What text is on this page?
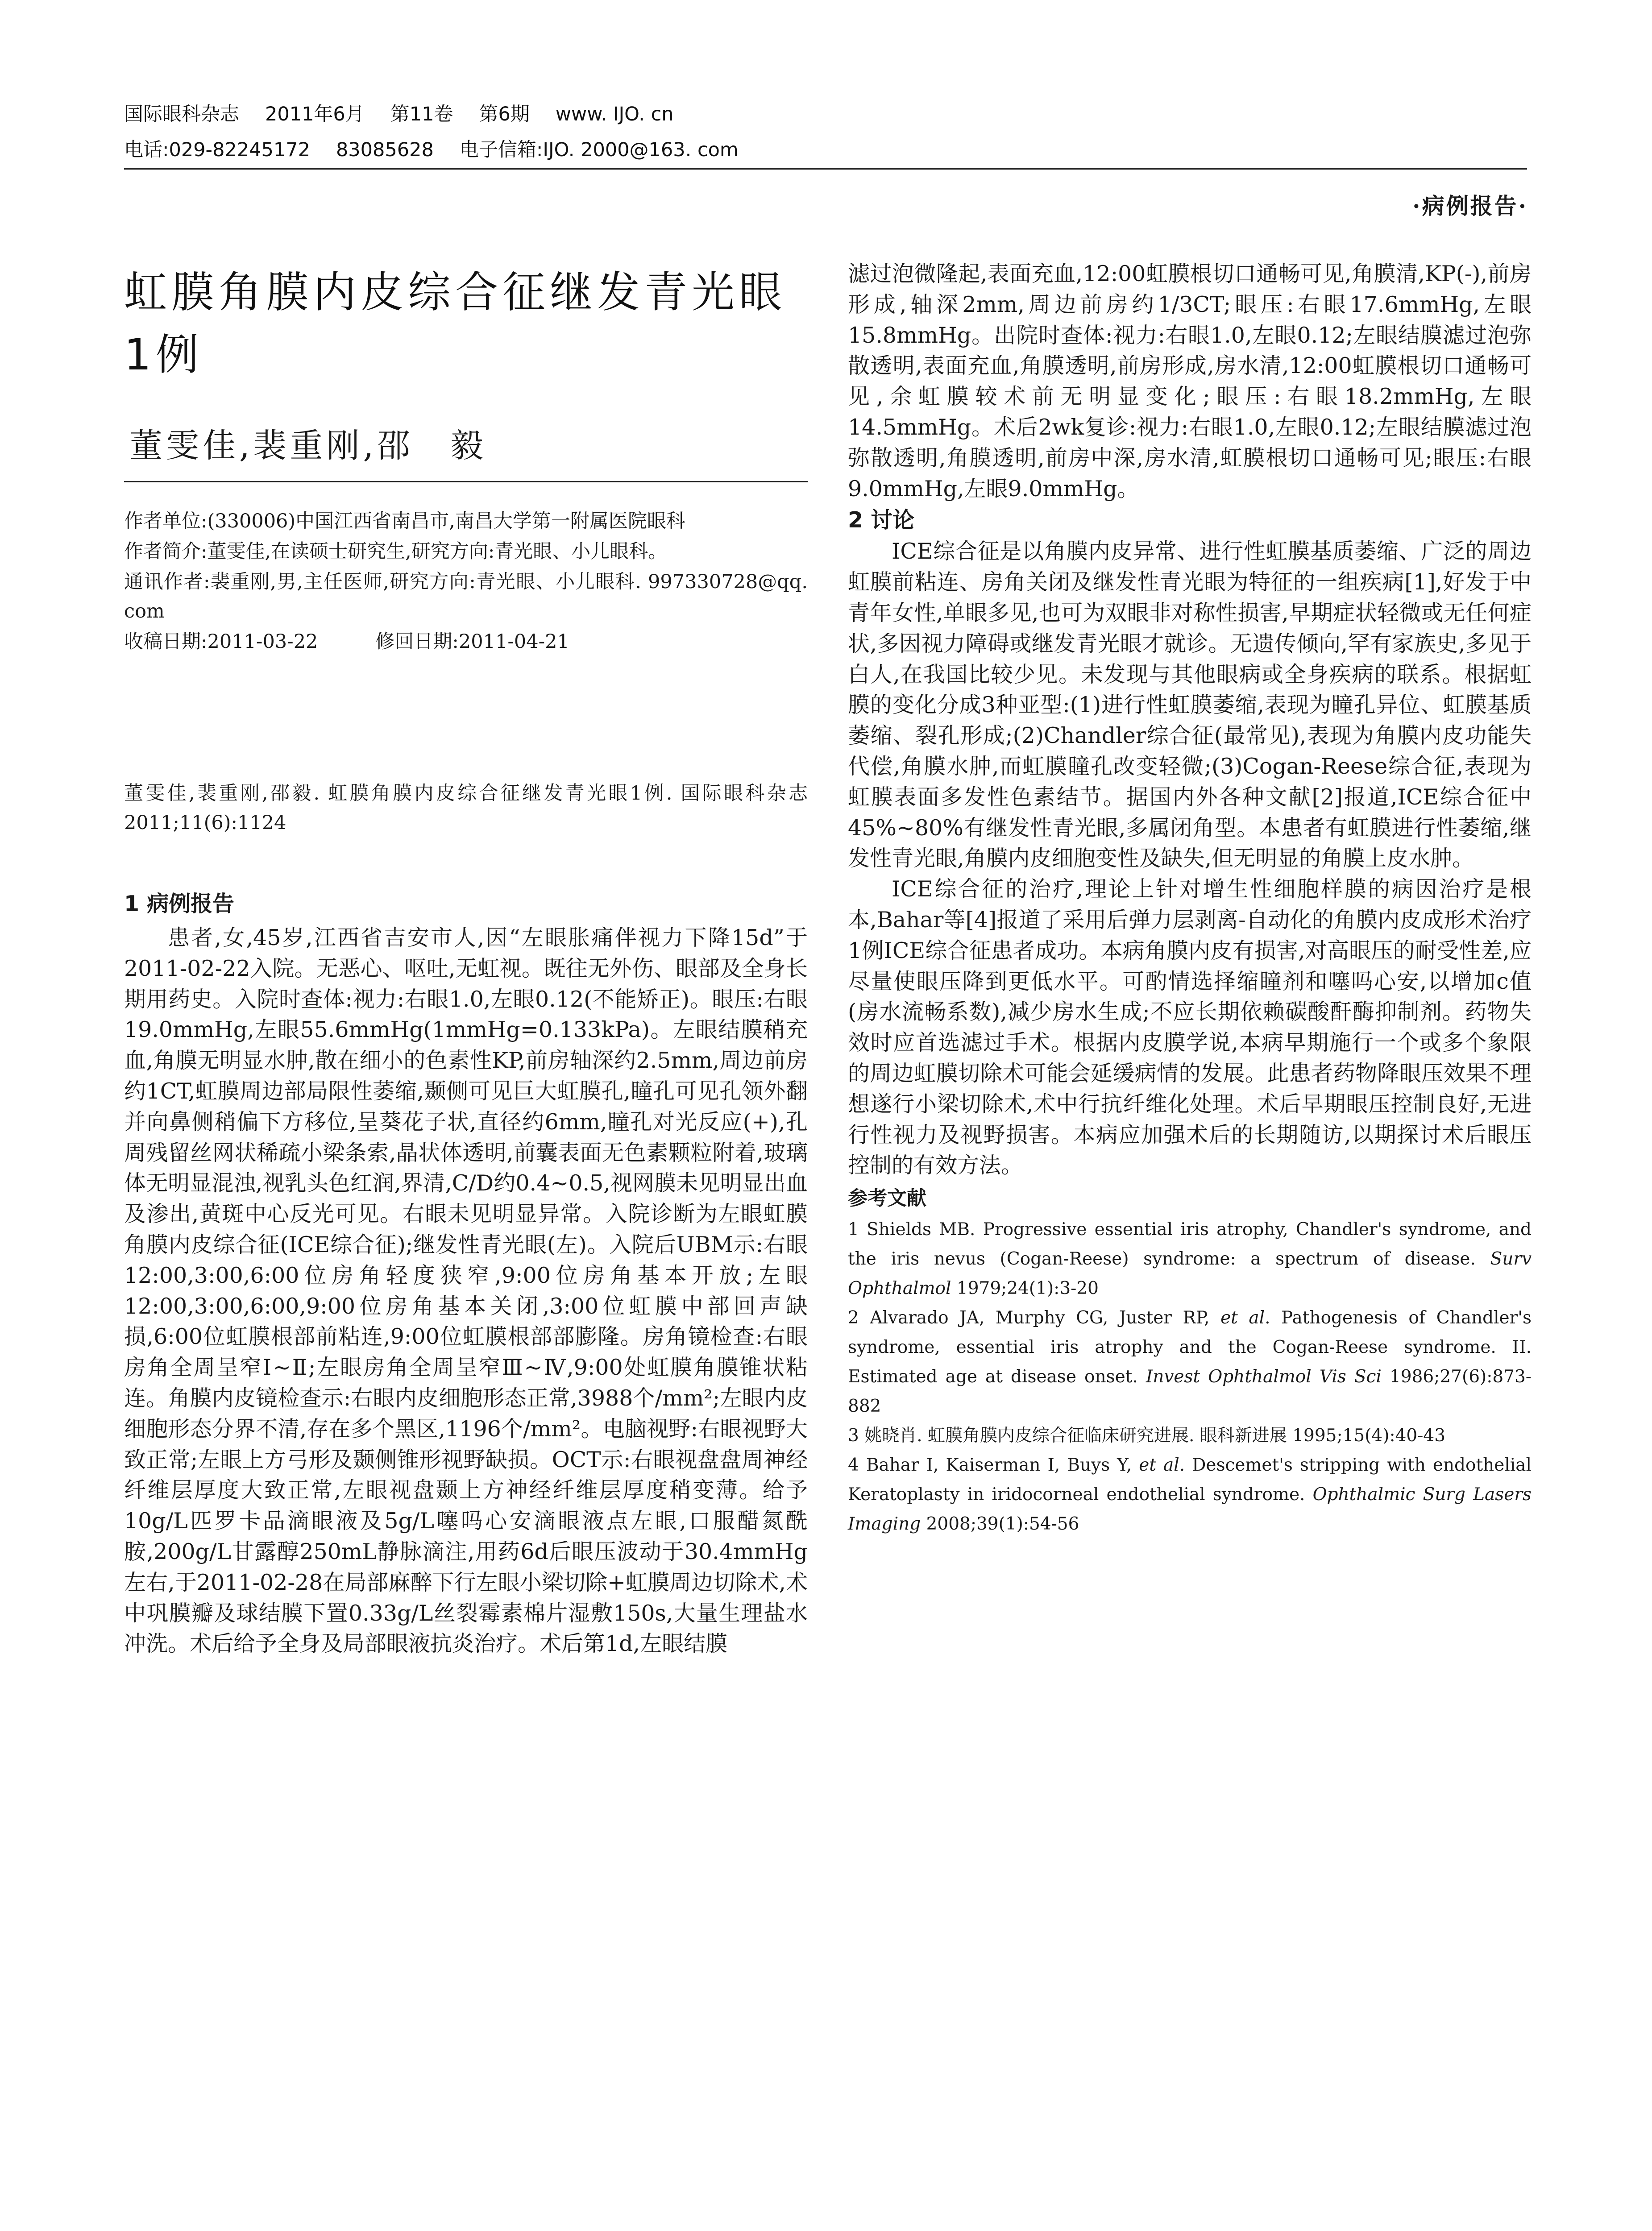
国际眼科杂志 2011年6月 第11卷 第6期 www. IJO. cn
电话:029-82245172 83085628 电子信箱:IJO. 2000@163. com
·病例报告·
虹膜角膜内皮综合征继发青光眼1例
董雯佳,裴重刚,邵　毅

作者单位:(330006)中国江西省南昌市,南昌大学第一附属医院眼科

作者简介:董雯佳,在读硕士研究生,研究方向:青光眼、小儿眼科。

通讯作者:裴重刚,男,主任医师,研究方向:青光眼、小儿眼科. 997330728@qq. com

收稿日期:2011-03-22　　　修回日期:2011-04-21

董雯佳,裴重刚,邵毅. 虹膜角膜内皮综合征继发青光眼1例. 国际眼科杂志 2011;11(6):1124

1 病例报告

患者,女,45岁,江西省吉安市人,因“左眼胀痛伴视力下降15d”于2011-02-22入院。无恶心、呕吐,无虹视。既往无外伤、眼部及全身长期用药史。入院时查体:视力:右眼1.0,左眼0.12(不能矫正)。眼压:右眼19.0mmHg,左眼55.6mmHg(1mmHg=0.133kPa)。左眼结膜稍充血,角膜无明显水肿,散在细小的色素性KP,前房轴深约2.5mm,周边前房约1CT,虹膜周边部局限性萎缩,颞侧可见巨大虹膜孔,瞳孔可见孔领外翻并向鼻侧稍偏下方移位,呈葵花子状,直径约6mm,瞳孔对光反应(+),孔周残留丝网状稀疏小梁条索,晶状体透明,前囊表面无色素颗粒附着,玻璃体无明显混浊,视乳头色红润,界清,C/D约0.4~0.5,视网膜未见明显出血及渗出,黄斑中心反光可见。右眼未见明显异常。入院诊断为左眼虹膜角膜内皮综合征(ICE综合征);继发性青光眼(左)。入院后UBM示:右眼12:00,3:00,6:00位房角轻度狭窄,9:00位房角基本开放;左眼12:00,3:00,6:00,9:00位房角基本关闭,3:00位虹膜中部回声缺损,6:00位虹膜根部前粘连,9:00位虹膜根部部膨隆。房角镜检查:右眼房角全周呈窄Ⅰ~Ⅱ;左眼房角全周呈窄Ⅲ~Ⅳ,9:00处虹膜角膜锥状粘连。角膜内皮镜检查示:右眼内皮细胞形态正常,3988个/mm²;左眼内皮细胞形态分界不清,存在多个黑区,1196个/mm²。电脑视野:右眼视野大致正常;左眼上方弓形及颞侧锥形视野缺损。OCT示:右眼视盘盘周神经纤维层厚度大致正常,左眼视盘颞上方神经纤维层厚度稍变薄。给予10g/L匹罗卡品滴眼液及5g/L噻吗心安滴眼液点左眼,口服醋氮酰胺,200g/L甘露醇250mL静脉滴注,用药6d后眼压波动于30.4mmHg左右,于2011-02-28在局部麻醉下行左眼小梁切除+虹膜周边切除术,术中巩膜瓣及球结膜下置0.33g/L丝裂霉素棉片湿敷150s,大量生理盐水冲洗。术后给予全身及局部眼液抗炎治疗。术后第1d,左眼结膜

滤过泡微隆起,表面充血,12:00虹膜根切口通畅可见,角膜清,KP(-),前房形成,轴深2mm,周边前房约1/3CT;眼压:右眼17.6mmHg,左眼15.8mmHg。出院时查体:视力:右眼1.0,左眼0.12;左眼结膜滤过泡弥散透明,表面充血,角膜透明,前房形成,房水清,12:00虹膜根切口通畅可见,余虹膜较术前无明显变化;眼压:右眼18.2mmHg,左眼14.5mmHg。术后2wk复诊:视力:右眼1.0,左眼0.12;左眼结膜滤过泡弥散透明,角膜透明,前房中深,房水清,虹膜根切口通畅可见;眼压:右眼9.0mmHg,左眼9.0mmHg。

2 讨论

ICE综合征是以角膜内皮异常、进行性虹膜基质萎缩、广泛的周边虹膜前粘连、房角关闭及继发性青光眼为特征的一组疾病[1],好发于中青年女性,单眼多见,也可为双眼非对称性损害,早期症状轻微或无任何症状,多因视力障碍或继发青光眼才就诊。无遗传倾向,罕有家族史,多见于白人,在我国比较少见。未发现与其他眼病或全身疾病的联系。根据虹膜的变化分成3种亚型:(1)进行性虹膜萎缩,表现为瞳孔异位、虹膜基质萎缩、裂孔形成;(2)Chandler综合征(最常见),表现为角膜内皮功能失代偿,角膜水肿,而虹膜瞳孔改变轻微;(3)Cogan-Reese综合征,表现为虹膜表面多发性色素结节。据国内外各种文献[2]报道,ICE综合征中45%~80%有继发性青光眼,多属闭角型。本患者有虹膜进行性萎缩,继发性青光眼,角膜内皮细胞变性及缺失,但无明显的角膜上皮水肿。

ICE综合征的治疗,理论上针对增生性细胞样膜的病因治疗是根本,Bahar等[4]报道了采用后弹力层剥离-自动化的角膜内皮成形术治疗1例ICE综合征患者成功。本病角膜内皮有损害,对高眼压的耐受性差,应尽量使眼压降到更低水平。可酌情选择缩瞳剂和噻吗心安,以增加c值(房水流畅系数),减少房水生成;不应长期依赖碳酸酐酶抑制剂。药物失效时应首选滤过手术。根据内皮膜学说,本病早期施行一个或多个象限的周边虹膜切除术可能会延缓病情的发展。此患者药物降眼压效果不理想遂行小梁切除术,术中行抗纤维化处理。术后早期眼压控制良好,无进行性视力及视野损害。本病应加强术后的长期随访,以期探讨术后眼压控制的有效方法。

参考文献

1 Shields MB. Progressive essential iris atrophy, Chandler's syndrome, and the iris nevus (Cogan-Reese) syndrome: a spectrum of disease. Surv Ophthalmol 1979;24(1):3-20

2 Alvarado JA, Murphy CG, Juster RP, et al. Pathogenesis of Chandler's syndrome, essential iris atrophy and the Cogan-Reese syndrome. II. Estimated age at disease onset. Invest Ophthalmol Vis Sci 1986;27(6):873-882

3 姚晓肖. 虹膜角膜内皮综合征临床研究进展. 眼科新进展 1995;15(4):40-43

4 Bahar I, Kaiserman I, Buys Y, et al. Descemet's stripping with endothelial Keratoplasty in iridocorneal endothelial syndrome. Ophthalmic Surg Lasers Imaging 2008;39(1):54-56
